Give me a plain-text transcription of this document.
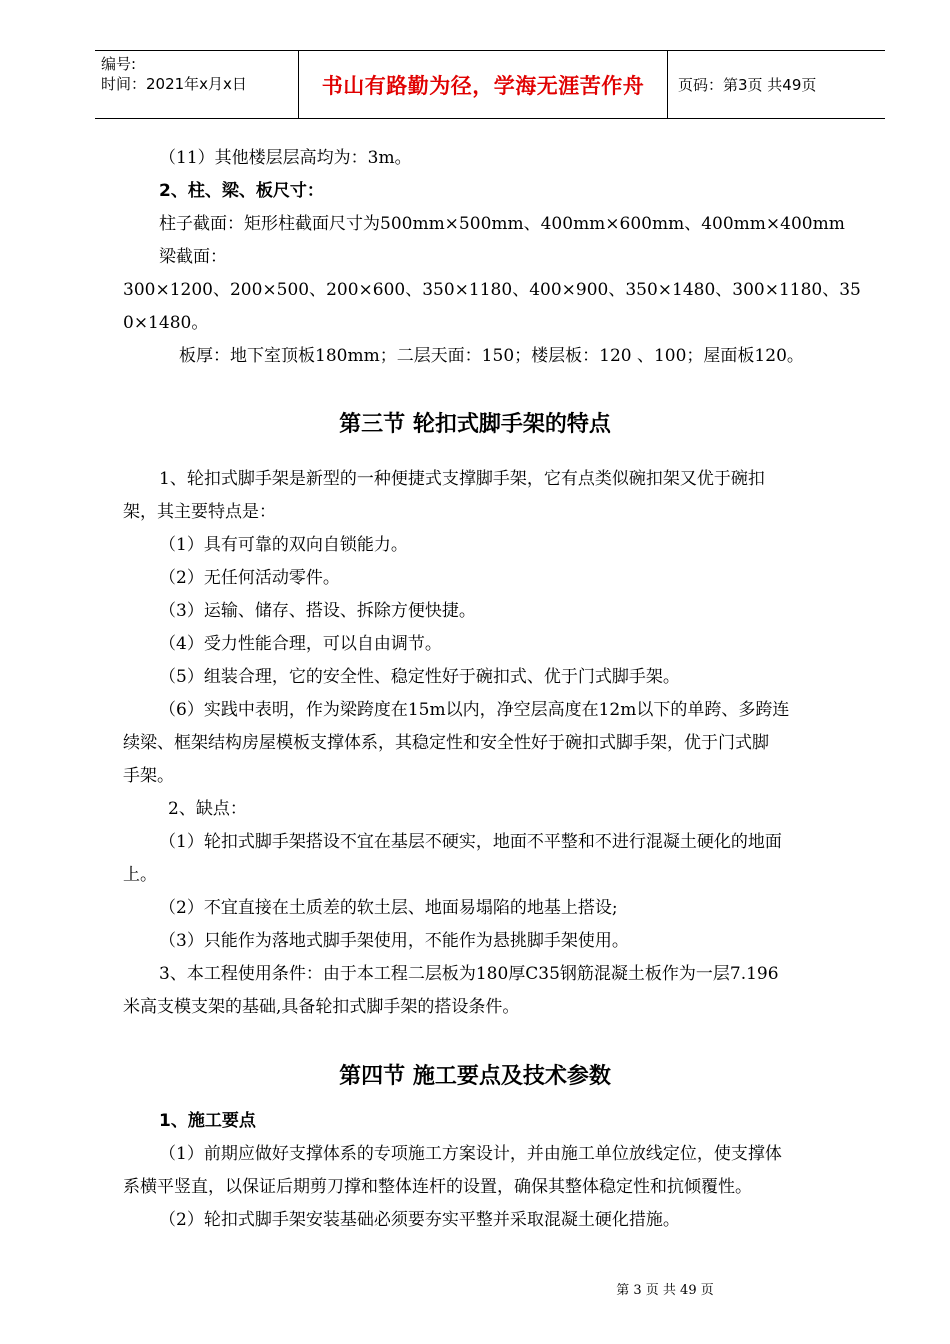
编号:
时间：2021年x月x日	书山有路勤为径，学海无涯苦作舟	页码：第3页 共49页
（11）其他楼层层高均为：3m。
2、柱、梁、板尺寸：
柱子截面：矩形柱截面尺寸为500mm×500mm、400mm×600mm、400mm×400mm
梁截面：
300×1200、200×500、200×600、350×1180、400×900、350×1480、300×1180、35
0×1480。
板厚：地下室顶板180mm；二层天面：150；楼层板：120 、100；屋面板120。
第三节 轮扣式脚手架的特点
1、轮扣式脚手架是新型的一种便捷式支撑脚手架，它有点类似碗扣架又优于碗扣
架，其主要特点是：
（1）具有可靠的双向自锁能力。
（2）无任何活动零件。
（3）运输、储存、搭设、拆除方便快捷。
（4）受力性能合理，可以自由调节。
（5）组装合理，它的安全性、稳定性好于碗扣式、优于门式脚手架。
（6）实践中表明，作为梁跨度在15m以内，净空层高度在12m以下的单跨、多跨连
续梁、框架结构房屋模板支撑体系，其稳定性和安全性好于碗扣式脚手架，优于门式脚
手架。
2、缺点：
（1）轮扣式脚手架搭设不宜在基层不硬实，地面不平整和不进行混凝土硬化的地面
上。
（2）不宜直接在土质差的软土层、地面易塌陷的地基上搭设;
（3）只能作为落地式脚手架使用，不能作为悬挑脚手架使用。
3、本工程使用条件：由于本工程二层板为180厚C35钢筋混凝土板作为一层7.196
米高支模支架的基础,具备轮扣式脚手架的搭设条件。
第四节 施工要点及技术参数
1、施工要点
（1）前期应做好支撑体系的专项施工方案设计，并由施工单位放线定位，使支撑体
系横平竖直，以保证后期剪刀撑和整体连杆的设置，确保其整体稳定性和抗倾覆性。
（2）轮扣式脚手架安装基础必须要夯实平整并采取混凝土硬化措施。
第 3 页 共 49 页
